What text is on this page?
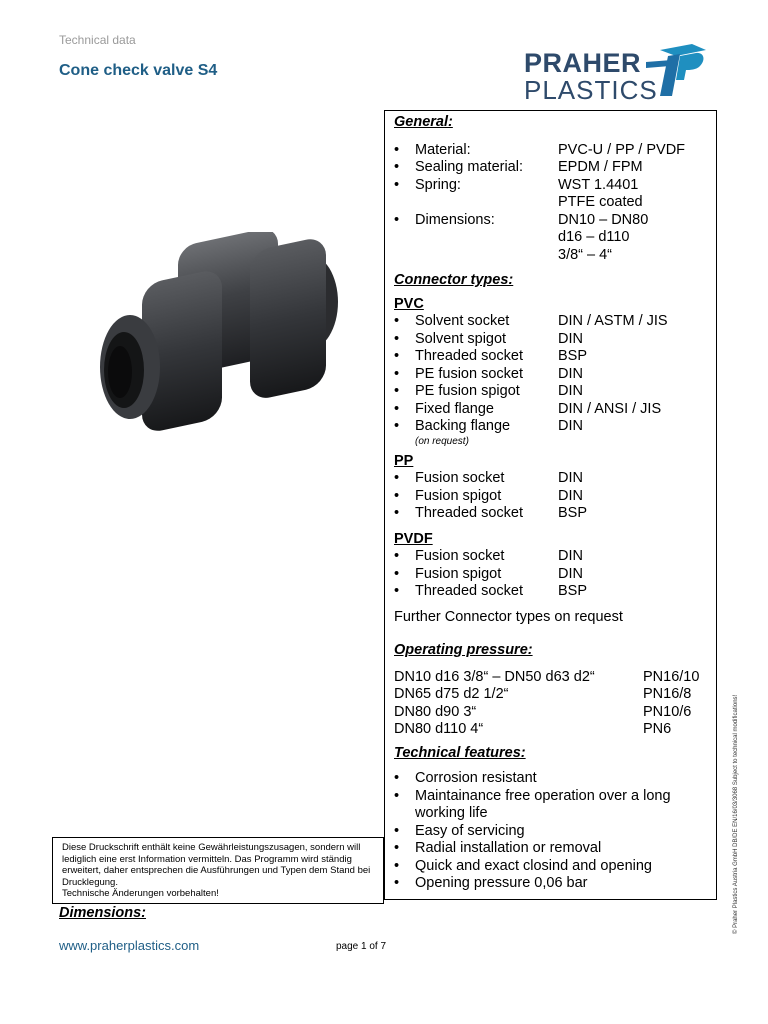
Technical data
Cone check valve S4	PRAHER
PLASTICS
General:
•	Material:	PVC-U / PP / PVDF
•	Sealing material:	EPDM / FPM
•	Spring:	WST 1.4401
PTFE coated
•	Dimensions:	DN10 – DN80
d16 – d110
3/8“ – 4“
Connector types:
PVC
•	Solvent socket	DIN / ASTM / JIS
•	Solvent spigot	DIN
•	Threaded socket	BSP
•	PE fusion socket	DIN
•	PE fusion spigot	DIN
•	Fixed flange	DIN / ANSI / JIS
•	Backing flange	DIN
(on request)
PP
•	Fusion socket	DIN
•	Fusion spigot	DIN
•	Threaded socket	BSP
PVDF
•	Fusion socket	DIN
•	Fusion spigot	DIN
•	Threaded socket	BSP
Further Connector types on request
Operating pressure:
DN10 d16 3/8“ – DN50 d63 d2“	PN16/10
DN65 d75 d2 1/2“	PN16/8
DN80 d90 3“	PN10/6
DN80 d110 4“	PN6
Technical features:
•	Corrosion resistant
•	Maintainance free operation over a long working life
•	Easy of servicing
•	Radial installation or removal
•	Quick and exact closind and opening
•	Opening pressure 0,06 bar
Diese Druckschrift enthält keine Gewährleistungszusagen, sondern will lediglich eine erst Information vermitteln. Das Programm wird ständig erweitert, daher entsprechen die Ausführungen und Typen dem Stand bei Drucklegung.
Technische Änderungen vorbehalten!
Dimensions:
www.praherplastics.com	page 1 of 7
© Praher Plastics Austria GmbH DB/DE EN/16/03/3068 Subject to technical modifications!
